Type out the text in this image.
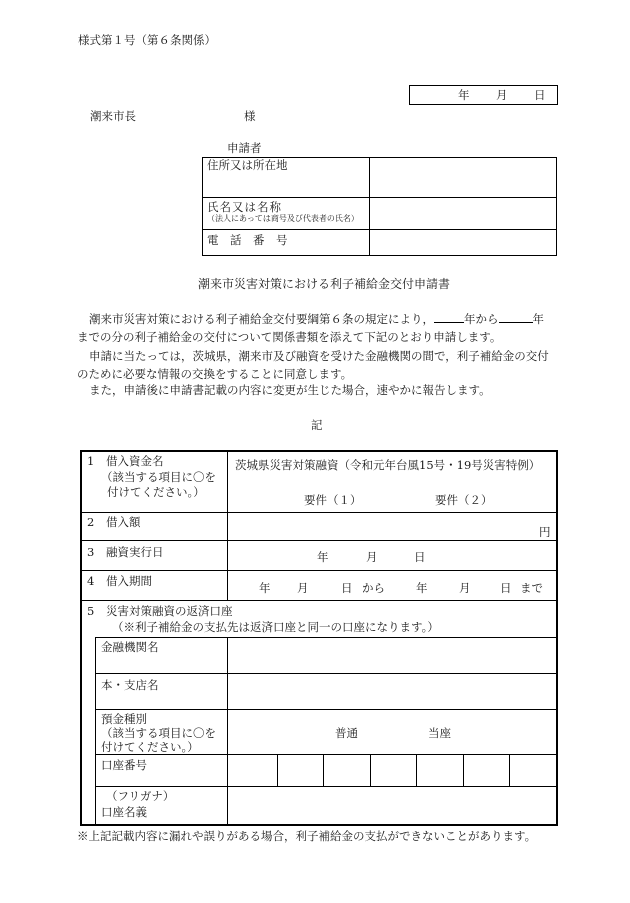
様式第１号（第６条関係）
年 月 日
潮来市長	様
申請者
住所又は所在地	

氏名又は名称
（法人にあっては商号及び代表者の氏名）	

電　話　番　号	
潮来市災害対策における利子補給金交付申請書
潮来市災害対策における利子補給金交付要綱第６条の規定により，	年から	年
までの分の利子補給金の交付について関係書類を添えて下記のとおり申請します。
申請に当たっては，茨城県，潮来市及び融資を受けた金融機関の間で，利子補給金の交付のために必要な情報の交換をすることに同意します。
また，申請後に申請書記載の内容に変更が生じた場合，速やかに報告します。
記
1 借入資金名
（該当する項目に〇を
付けてください。）
茨城県災害対策融資（令和元年台風15号・19号災害特例）
要件（１）	要件（２）
2 借入額
円
3 融資実行日	年	月	日
4 借入期間	年 月	日 から	年	月	日 まで
5 災害対策融資の返済口座
（※利子補給金の支払先は返済口座と同一の口座になります。）
金融機関名
本・支店名
預金種別
（該当する項目に〇を
付けてください。）
普通	当座
口座番号
（フリガナ）
口座名義
※上記記載内容に漏れや誤りがある場合，利子補給金の支払ができないことがあります。
